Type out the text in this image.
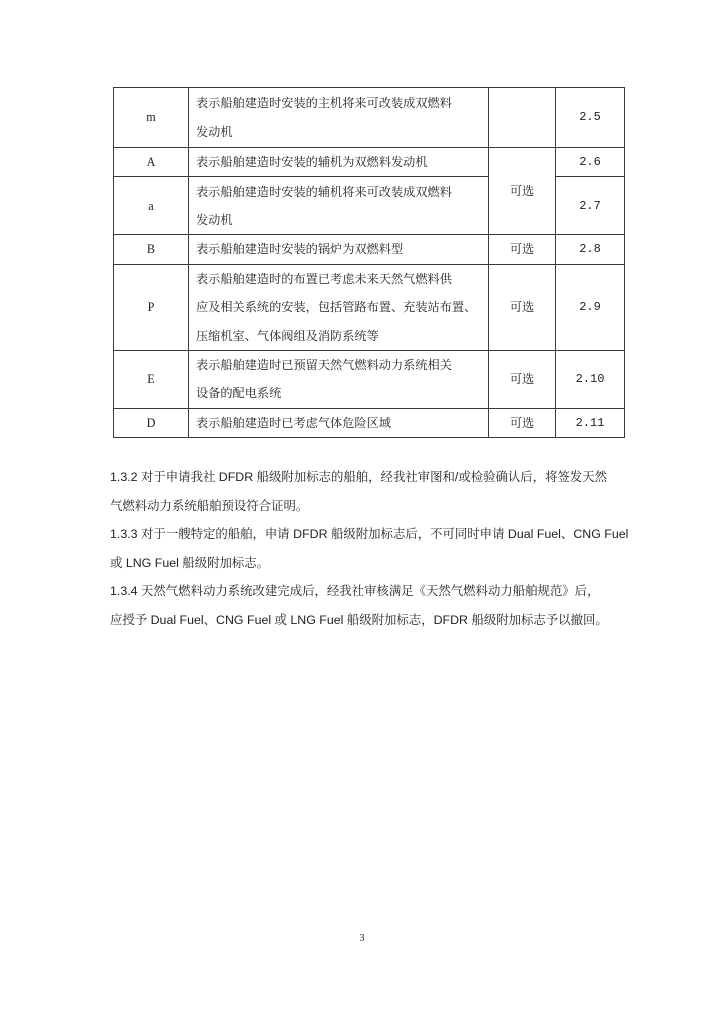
m	表示船舶建造时安装的主机将来可改装成双燃料
发动机		2.5
A	表示船舶建造时安装的辅机为双燃料发动机	可选	2.6
a	表示船舶建造时安装的辅机将来可改装成双燃料
发动机		2.7
B	表示船舶建造时安装的锅炉为双燃料型	可选	2.8
P	表示船舶建造时的布置已考虑未来天然气燃料供
应及相关系统的安装，包括管路布置、充装站布置、
压缩机室、气体阀组及消防系统等	可选	2.9
E	表示船舶建造时已预留天然气燃料动力系统相关
设备的配电系统	可选	2.10
D	表示船舶建造时已考虑气体危险区域	可选	2.11
1.3.2 对于申请我社 DFDR 船级附加标志的船舶，经我社审图和/或检验确认后，将签发天然
气燃料动力系统船舶预设符合证明。
1.3.3 对于一艘特定的船舶，申请 DFDR 船级附加标志后，不可同时申请 Dual Fuel、CNG Fuel
或 LNG Fuel 船级附加标志。
1.3.4 天然气燃料动力系统改建完成后，经我社审核满足《天然气燃料动力船舶规范》后，
应授予 Dual Fuel、CNG Fuel 或 LNG Fuel 船级附加标志，DFDR 船级附加标志予以撤回。
3
